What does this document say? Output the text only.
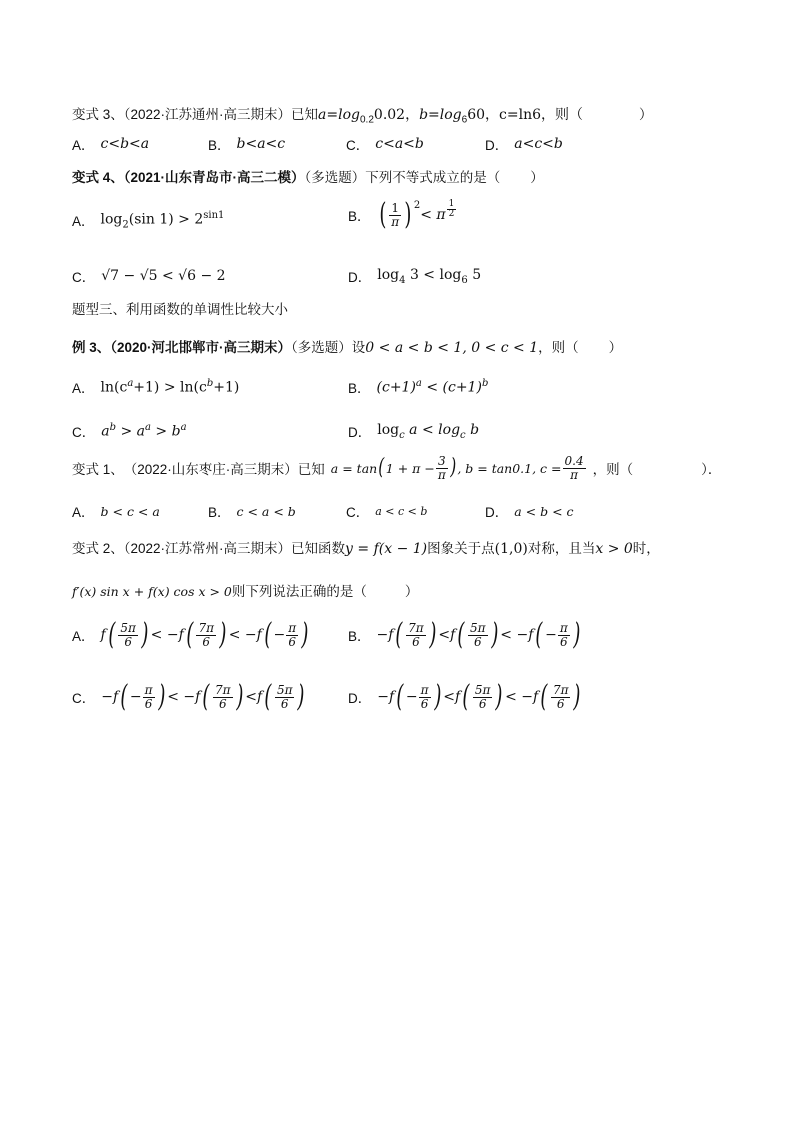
变式 3、（2022·江苏通州·高三期末）已知$a=\log_{0.2}0.02$，$b=\log_660$，c=ln6，则（	）
A． c<b<a	B． b<a<c	C． c<a<b	D． a<c<b
变式 4、（2021·山东青岛市·高三二模）（多选题）下列不等式成立的是（ ）
A． $\log_2(\sin$ $1) > 2^{sin1}$	B． ( $\frac{1}{\pi} )^2$
< π $\frac{1}{2}$
C． √7 − √5 < √6 − 2	D． $\log_4 3 < \log_6 5$
题型三、利用函数的单调性比较大小
例 3、（2020·河北邯郸市·高三期末）（多选题）设0 < a < b < 1, 0 < c < 1，则（ ）
A． $\ln(c^a+1) > \ln(c^b+1)$	B． $(c+1)^a < (c+1)^b$
C． $a^b > a^a > b^a$	D． $\log_c a < \log_c b$
变式 1、 （2022·山东枣庄·高三期末） 已知 a = tan ( $1 + \pi - \frac{3}{\pi}$ ) , b = tan0.1, $c = \frac{0.4}{\pi}$ ，则（	）．
A． b < c < a	B． c < a < b	C． a < c < b	D． a < b < c
变式 2、（2022·江苏常州·高三期末）已知函数y = f(x − 1)图象关于点(1,0)对称，且当x > 0时，
f′(x) sin x + f(x) cos x > 0则下列说法正确的是（	）
A． f ( $\frac{5\pi}{6}$ ) < −f ( $\frac{7\pi}{6}$ ) < −f ( − $\frac{\pi}{6}$ )	B． −f ( $\frac{7\pi}{6}$ ) < f ( $\frac{5\pi}{6}$ ) < −f ( − $\frac{\pi}{6}$ )
C． −f ( − $\frac{\pi}{6}$ ) < −f ( $\frac{7\pi}{6}$ ) < f ( $\frac{5\pi}{6}$ )	D． −f ( − $\frac{\pi}{6}$ ) < f ( $\frac{5\pi}{6}$ ) < −f ( $\frac{7\pi}{6}$ )
